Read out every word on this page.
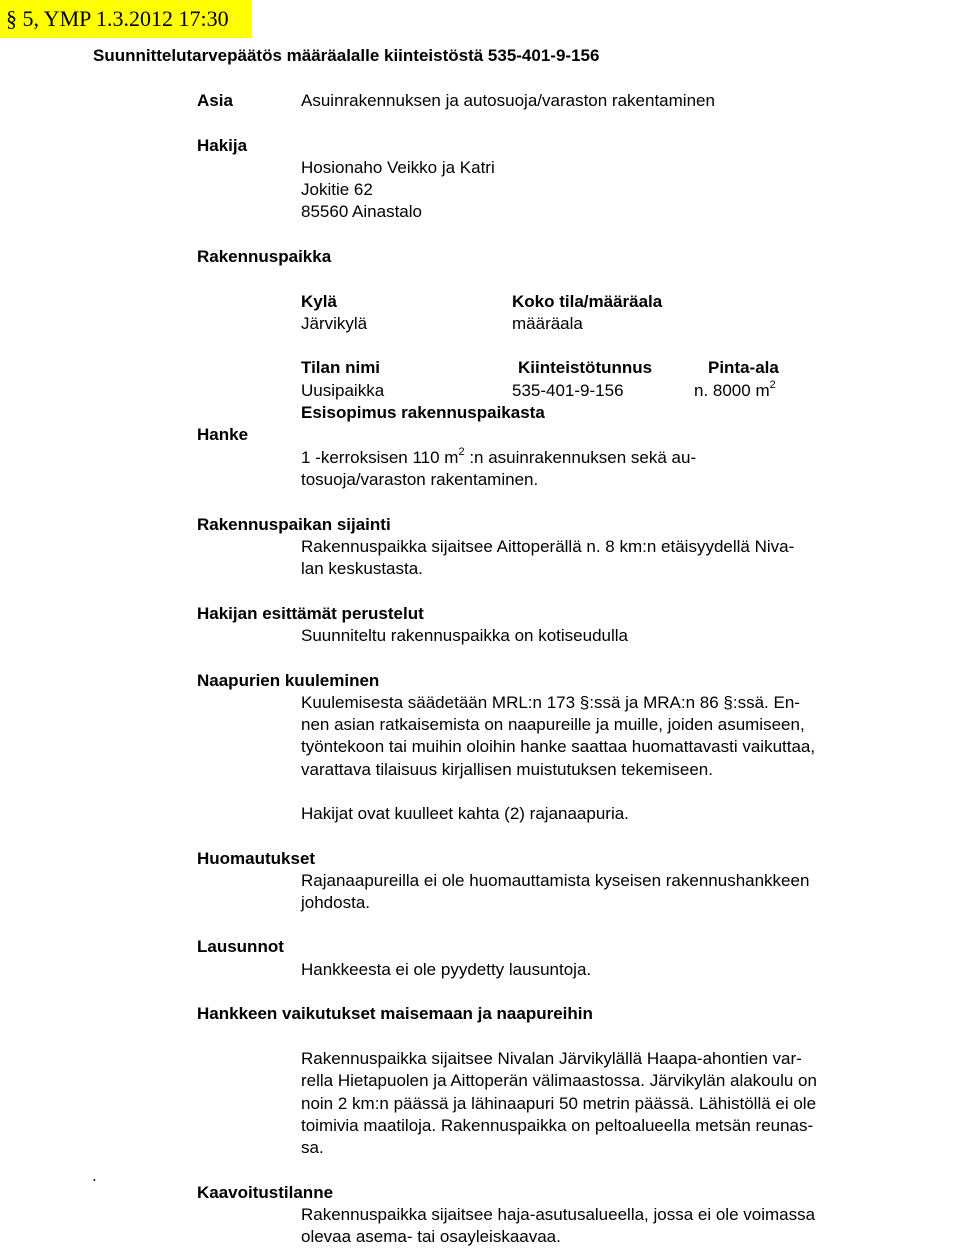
§ 5, YMP 1.3.2012 17:30
Suunnittelutarvepäätös määräalalle kiinteistöstä 535-401-9-156
Asia	Asuinrakennuksen ja autosuoja/varaston rakentaminen
Hakija
Hosionaho Veikko ja Katri
Jokitie 62
85560 Ainastalo
Rakennuspaikka
Kylä	Koko tila/määräala
Järvikylä	määräala
Tilan nimi	Kiinteistötunnus	Pinta-ala
Uusipaikka	535-401-9-156	n. 8000 $m^2$
Esisopimus rakennuspaikasta
Hanke
1 -kerroksisen 110 $m^2$ :n asuinrakennuksen sekä au-
tosuoja/varaston rakentaminen.
Rakennuspaikan sijainti
Rakennuspaikka sijaitsee Aittoperällä n. 8 km:n etäisyydellä Niva-
lan keskustasta.
Hakijan esittämät perustelut
Suunniteltu rakennuspaikka on kotiseudulla
Naapurien kuuleminen
Kuulemisesta säädetään MRL:n 173 §:ssä ja MRA:n 86 §:ssä. En-
nen asian ratkaisemista on naapureille ja muille, joiden asumiseen,
työntekoon tai muihin oloihin hanke saattaa huomattavasti vaikuttaa,
varattava tilaisuus kirjallisen muistutuksen tekemiseen.
Hakijat ovat kuulleet kahta (2) rajanaapuria.
Huomautukset
Rajanaapureilla ei ole huomauttamista kyseisen rakennushankkeen
johdosta.
Lausunnot
Hankkeesta ei ole pyydetty lausuntoja.
Hankkeen vaikutukset maisemaan ja naapureihin
Rakennuspaikka sijaitsee Nivalan Järvikylällä Haapa-ahontien var-
rella Hietapuolen ja Aittoperän välimaastossa. Järvikylän alakoulu on
noin 2 km:n päässä ja lähinaapuri 50 metrin päässä. Lähistöllä ei ole
toimivia maatiloja. Rakennuspaikka on peltoalueella metsän reunas-
sa.
.
Kaavoitustilanne
Rakennuspaikka sijaitsee haja-asutusalueella, jossa ei ole voimassa
olevaa asema- tai osayleiskaavaa.
